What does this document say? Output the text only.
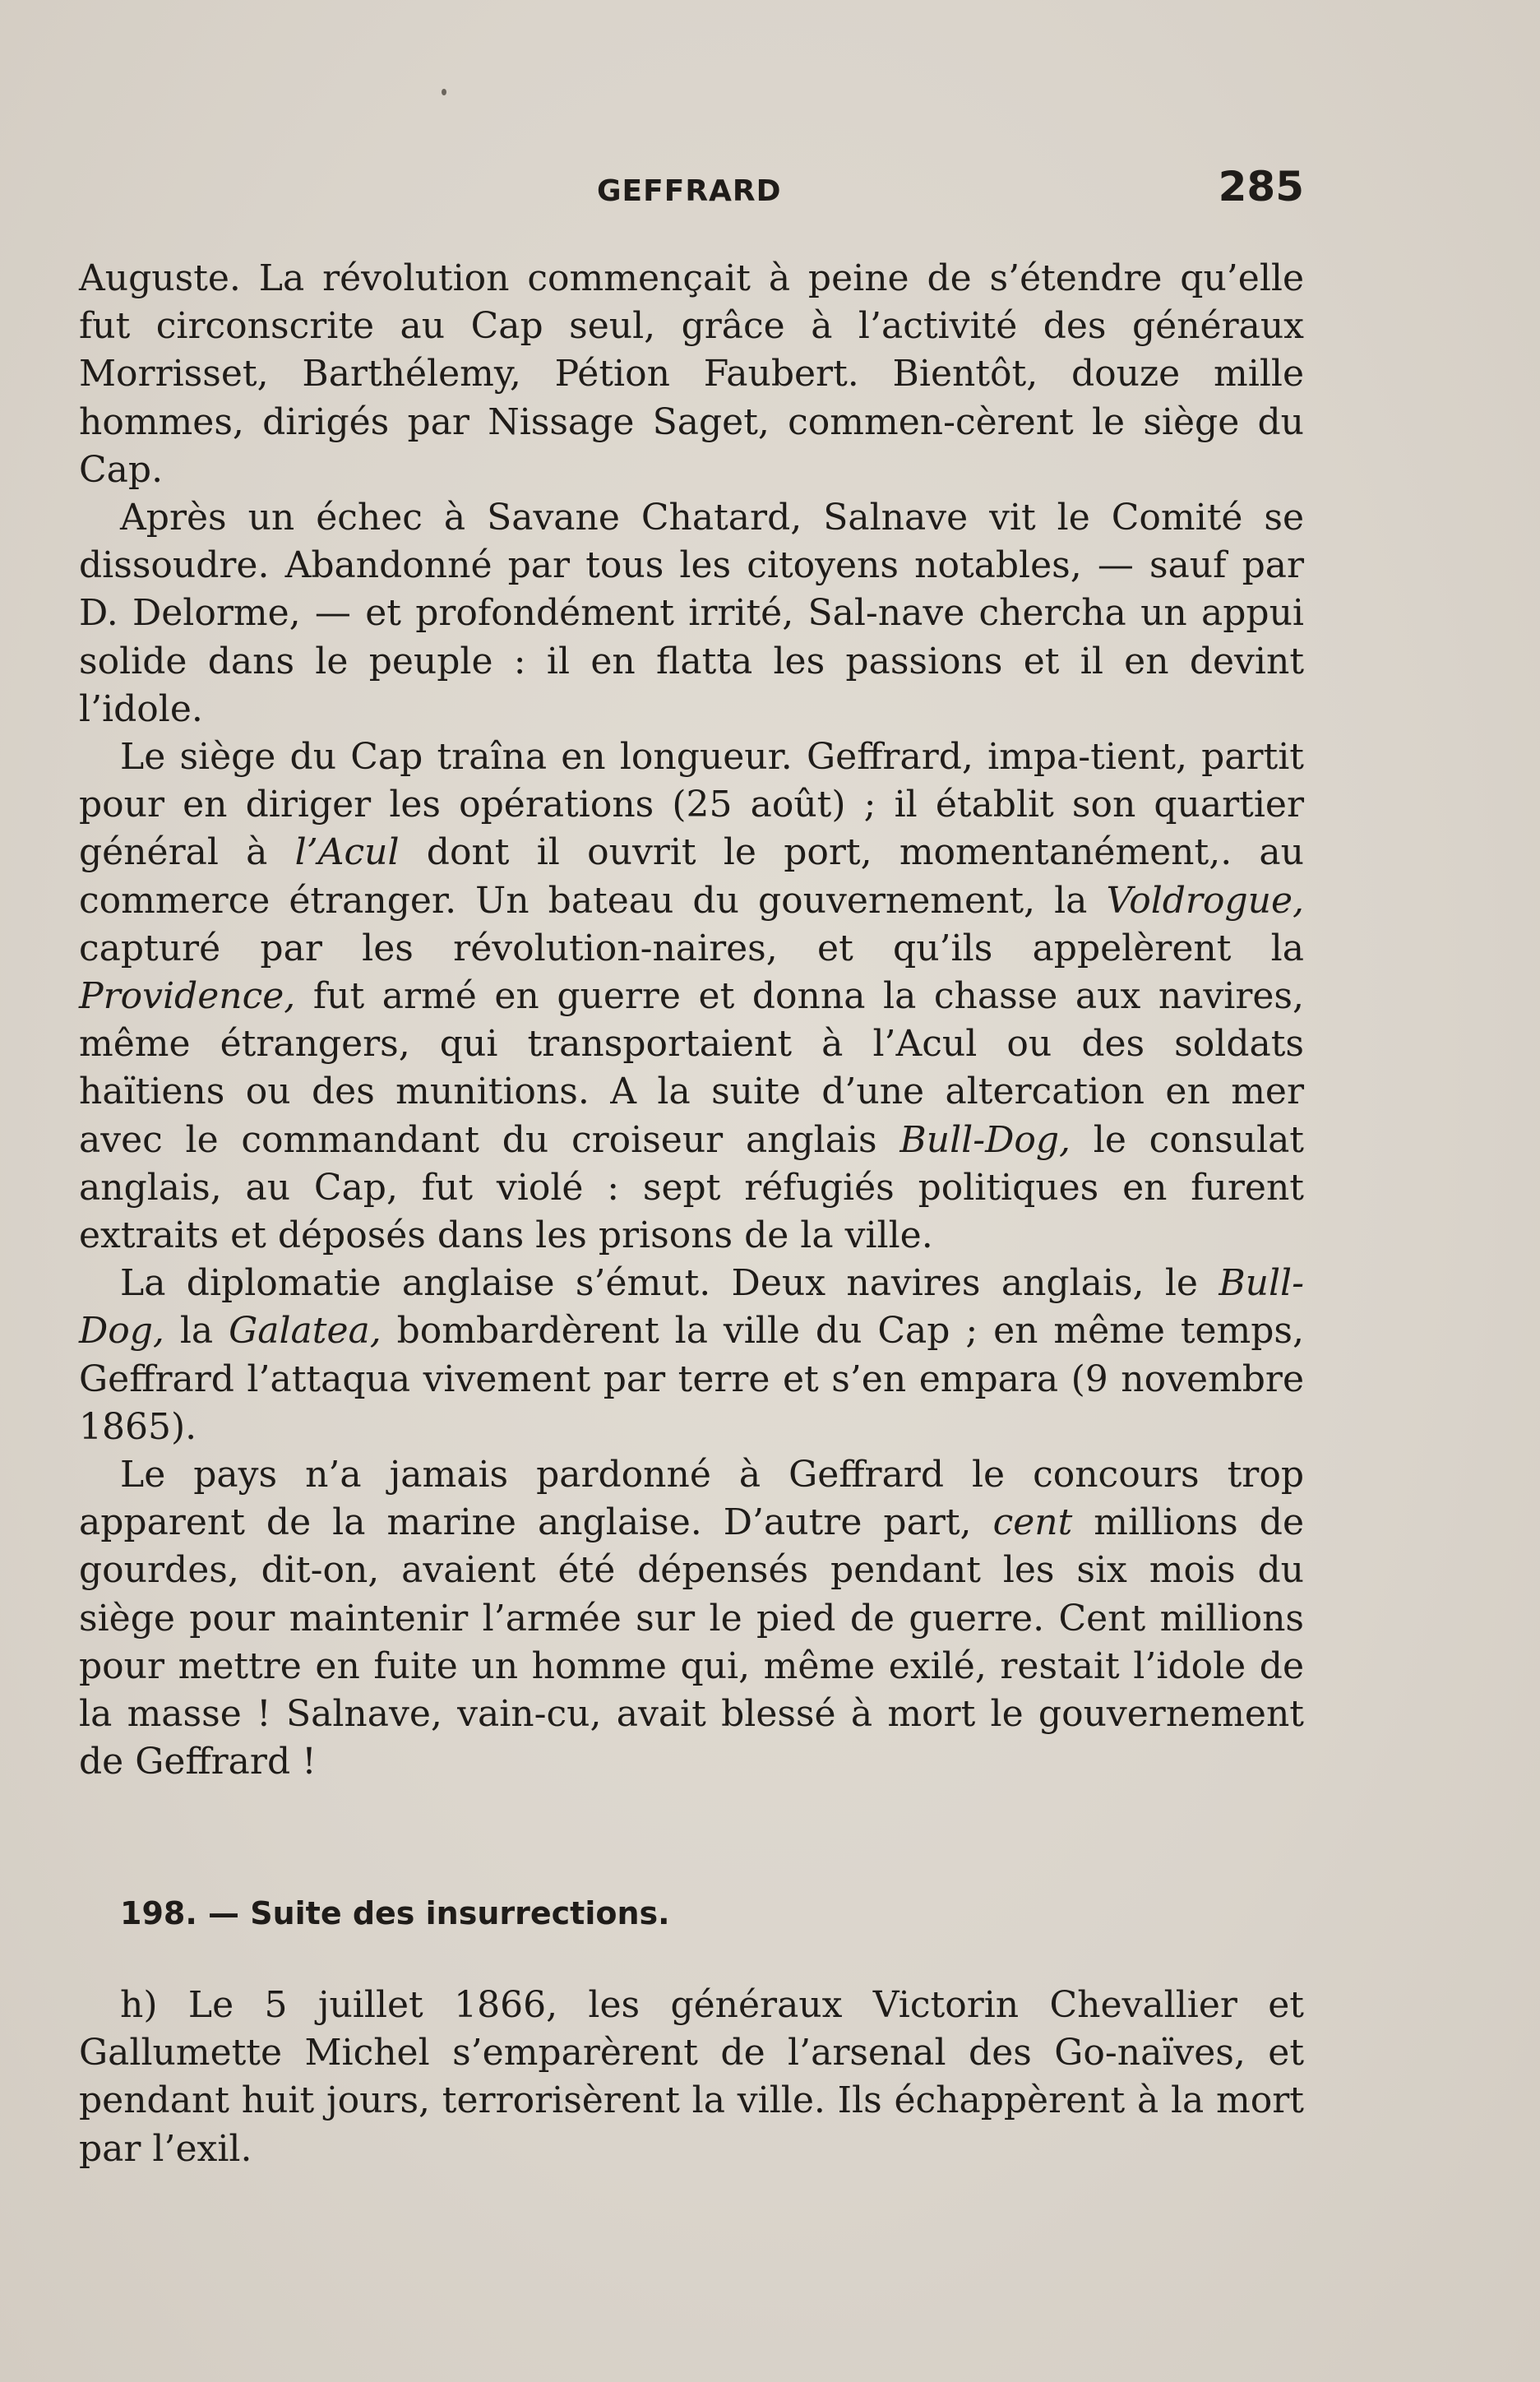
GEFFRARD	285

Auguste. La révolution commençait à peine de s’étendre qu’elle fut circonscrite au Cap seul, grâce à l’activité des généraux Morrisset, Barthélemy, Pétion Faubert. Bientôt, douze mille hommes, dirigés par Nissage Saget, commen-cèrent le siège du Cap.

Après un échec à Savane Chatard, Salnave vit le Comité se dissoudre. Abandonné par tous les citoyens notables, — sauf par D. Delorme, — et profondément irrité, Sal-nave chercha un appui solide dans le peuple : il en flatta les passions et il en devint l’idole.

Le siège du Cap traîna en longueur. Geffrard, impa-tient, partit pour en diriger les opérations (25 août) ; il établit son quartier général à l’Acul dont il ouvrit le port, momentanément,. au commerce étranger. Un bateau du gouvernement, la Voldrogue, capturé par les révolution-naires, et qu’ils appelèrent la Providence, fut armé en guerre et donna la chasse aux navires, même étrangers, qui transportaient à l’Acul ou des soldats haïtiens ou des munitions. A la suite d’une altercation en mer avec le commandant du croiseur anglais Bull-Dog, le consulat anglais, au Cap, fut violé : sept réfugiés politiques en furent extraits et déposés dans les prisons de la ville.

La diplomatie anglaise s’émut. Deux navires anglais, le Bull-Dog, la Galatea, bombardèrent la ville du Cap ; en même temps, Geffrard l’attaqua vivement par terre et s’en empara (9 novembre 1865).

Le pays n’a jamais pardonné à Geffrard le concours trop apparent de la marine anglaise. D’autre part, cent millions de gourdes, dit-on, avaient été dépensés pendant les six mois du siège pour maintenir l’armée sur le pied de guerre. Cent millions pour mettre en fuite un homme qui, même exilé, restait l’idole de la masse ! Salnave, vain-cu, avait blessé à mort le gouvernement de Geffrard !

198. — Suite des insurrections.

h) Le 5 juillet 1866, les généraux Victorin Chevallier et Gallumette Michel s’emparèrent de l’arsenal des Go-naïves, et pendant huit jours, terrorisèrent la ville. Ils échappèrent à la mort par l’exil.
